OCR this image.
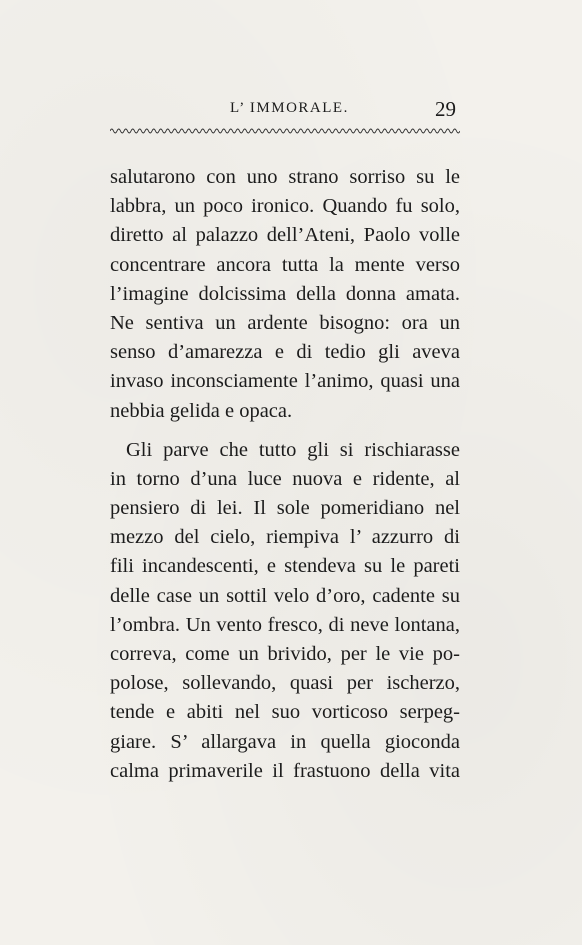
L’ IMMORALE.	29
salutarono con uno strano sorriso su le
labbra, un poco ironico. Quando fu solo,
diretto al palazzo dell’Ateni, Paolo volle
concentrare ancora tutta la mente verso
l’imagine dolcissima della donna amata.
Ne sentiva un ardente bisogno: ora un
senso d’amarezza e di tedio gli aveva
invaso inconsciamente l’animo, quasi una
nebbia gelida e opaca.
Gli parve che tutto gli si rischiarasse
in torno d’una luce nuova e ridente, al
pensiero di lei. Il sole pomeridiano nel
mezzo del cielo, riempiva l’ azzurro di
fili incandescenti, e stendeva su le pareti
delle case un sottil velo d’oro, cadente su
l’ombra. Un vento fresco, di neve lontana,
correva, come un brivido, per le vie po-
polose, sollevando, quasi per ischerzo,
tende e abiti nel suo vorticoso serpeg-
giare. S’ allargava in quella gioconda
calma primaverile il frastuono della vita
